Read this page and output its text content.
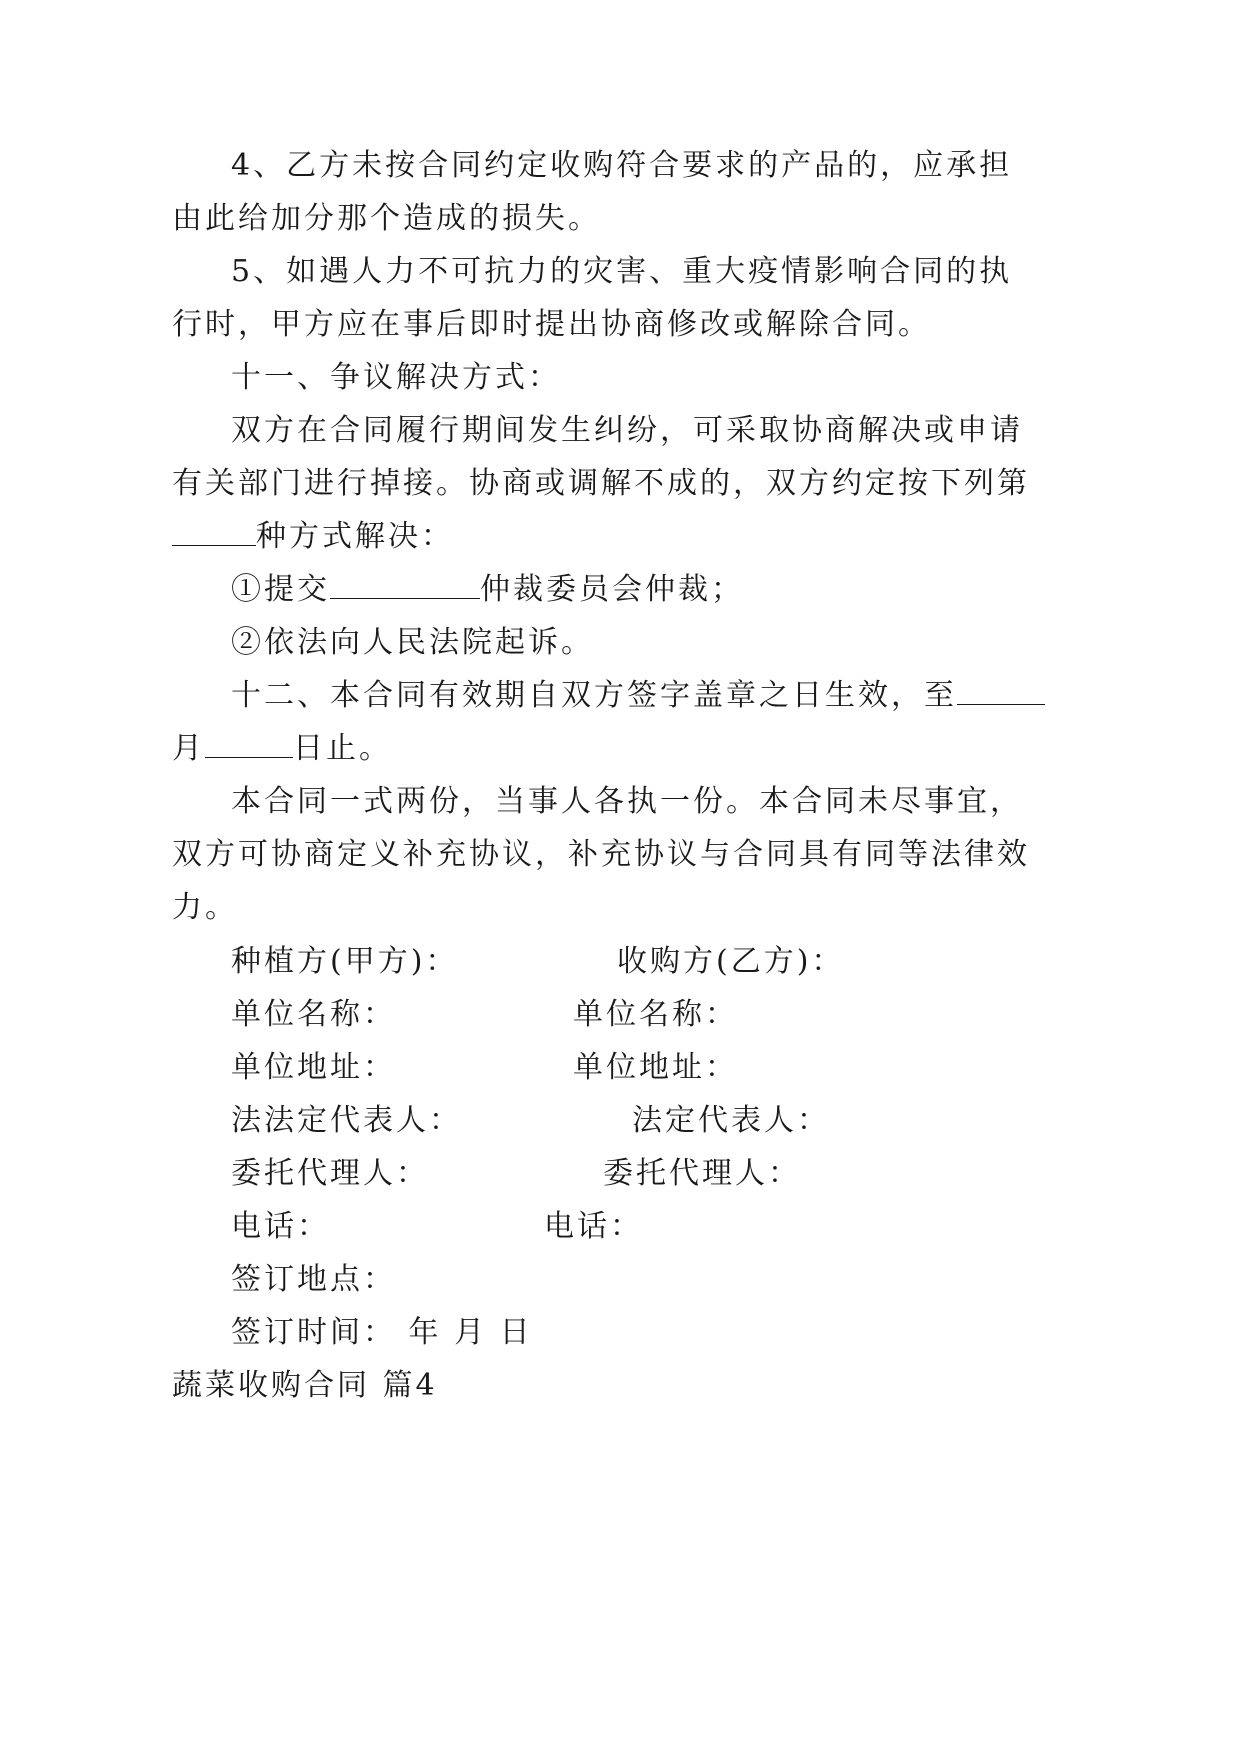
4、乙方未按合同约定收购符合要求的产品的，应承担
由此给加分那个造成的损失。
5、如遇人力不可抗力的灾害、重大疫情影响合同的执
行时，甲方应在事后即时提出协商修改或解除合同。
十一、争议解决方式：
双方在合同履行期间发生纠纷，可采取协商解决或申请
有关部门进行掉接。协商或调解不成的，双方约定按下列第
种方式解决：
①提交	仲裁委员会仲裁；
②依法向人民法院起诉。
十二、本合同有效期自双方签字盖章之日生效，至
月	日止。
本合同一式两份，当事人各执一份。本合同未尽事宜，
双方可协商定义补充协议，补充协议与合同具有同等法律效
力。
种植方(甲方)：	收购方(乙方)：
单位名称：	单位名称：
单位地址：	单位地址：
法法定代表人：	法定代表人：
委托代理人：	委托代理人：
电话：	电话：
签订地点：
签订时间： 年 月 日
蔬菜收购合同 篇4
